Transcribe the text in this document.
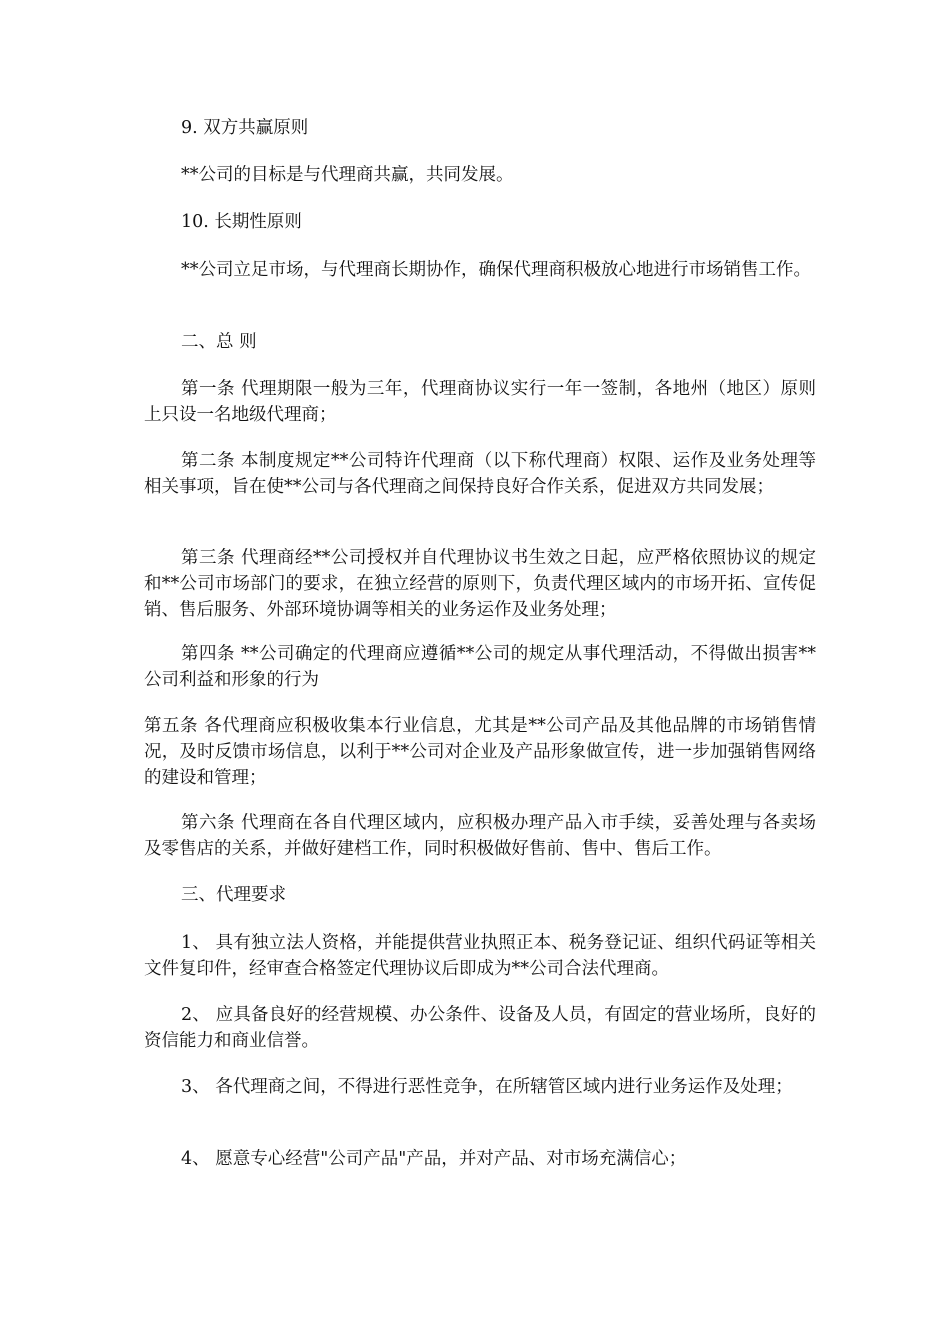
9. 双方共赢原则

**公司的目标是与代理商共赢，共同发展。

10. 长期性原则

**公司立足市场，与代理商长期协作，确保代理商积极放心地进行市场销售工作。

二、总 则

第一条 代理期限一般为三年，代理商协议实行一年一签制，各地州（地区）原则上只设一名地级代理商；

第二条 本制度规定**公司特许代理商（以下称代理商）权限、运作及业务处理等相关事项，旨在使**公司与各代理商之间保持良好合作关系，促进双方共同发展；

第三条 代理商经**公司授权并自代理协议书生效之日起，应严格依照协议的规定和**公司市场部门的要求，在独立经营的原则下，负责代理区域内的市场开拓、宣传促销、售后服务、外部环境协调等相关的业务运作及业务处理；

第四条 **公司确定的代理商应遵循**公司的规定从事代理活动，不得做出损害**公司利益和形象的行为

第五条 各代理商应积极收集本行业信息，尤其是**公司产品及其他品牌的市场销售情况，及时反馈市场信息，以利于**公司对企业及产品形象做宣传，进一步加强销售网络的建设和管理；

第六条 代理商在各自代理区域内，应积极办理产品入市手续，妥善处理与各卖场及零售店的关系，并做好建档工作，同时积极做好售前、售中、售后工作。

三、代理要求

1、 具有独立法人资格，并能提供营业执照正本、税务登记证、组织代码证等相关文件复印件，经审查合格签定代理协议后即成为**公司合法代理商。

2、 应具备良好的经营规模、办公条件、设备及人员，有固定的营业场所，良好的资信能力和商业信誉。

3、 各代理商之间，不得进行恶性竞争，在所辖管区域内进行业务运作及处理；

4、 愿意专心经营"公司产品"产品，并对产品、对市场充满信心；
